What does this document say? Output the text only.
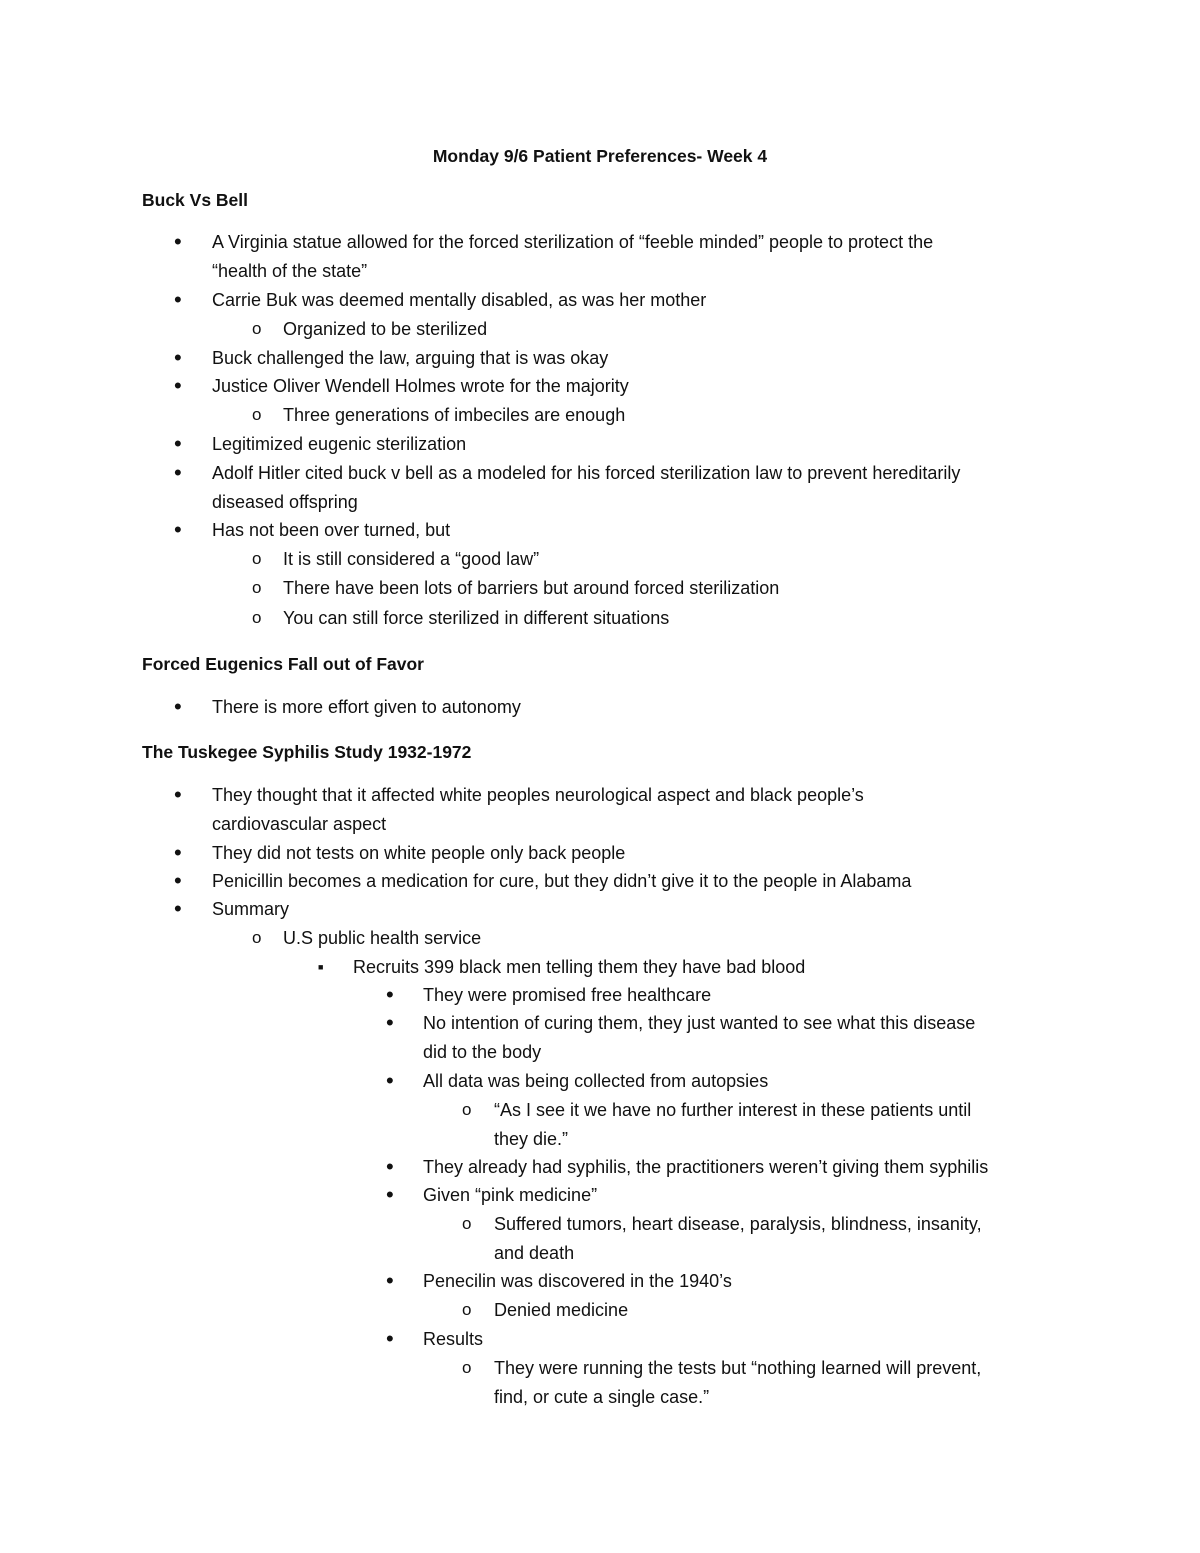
Monday 9/6 Patient Preferences- Week 4
Buck Vs Bell
•
A Virginia statue allowed for the forced sterilization of “feeble minded” people to protect the
“health of the state”
•
Carrie Buk was deemed mentally disabled, as was her mother
o Organized to be sterilized
•
Buck challenged the law, arguing that is was okay
•
Justice Oliver Wendell Holmes wrote for the majority
o Three generations of imbeciles are enough
•
Legitimized eugenic sterilization
•
Adolf Hitler cited buck v bell as a modeled for his forced sterilization law to prevent hereditarily
diseased offspring
•
Has not been over turned, but
o It is still considered a “good law”
o There have been lots of barriers but around forced sterilization
o You can still force sterilized in different situations
Forced Eugenics Fall out of Favor
•
There is more effort given to autonomy
The Tuskegee Syphilis Study 1932-1972
•
They thought that it affected white peoples neurological aspect and black people’s
cardiovascular aspect
•
They did not tests on white people only back people
•
Penicillin becomes a medication for cure, but they didn’t give it to the people in Alabama
•
Summary
o U.S public health service
■ Recruits 399 black men telling them they have bad blood
•
They were promised free healthcare
•
No intention of curing them, they just wanted to see what this disease
did to the body
•
All data was being collected from autopsies
o “As I see it we have no further interest in these patients until
they die.”
•
They already had syphilis, the practitioners weren’t giving them syphilis
•
Given “pink medicine”
o Suffered tumors, heart disease, paralysis, blindness, insanity,
and death
•
Penecilin was discovered in the 1940’s
o Denied medicine
•
Results
o They were running the tests but “nothing learned will prevent,
find, or cute a single case.”
